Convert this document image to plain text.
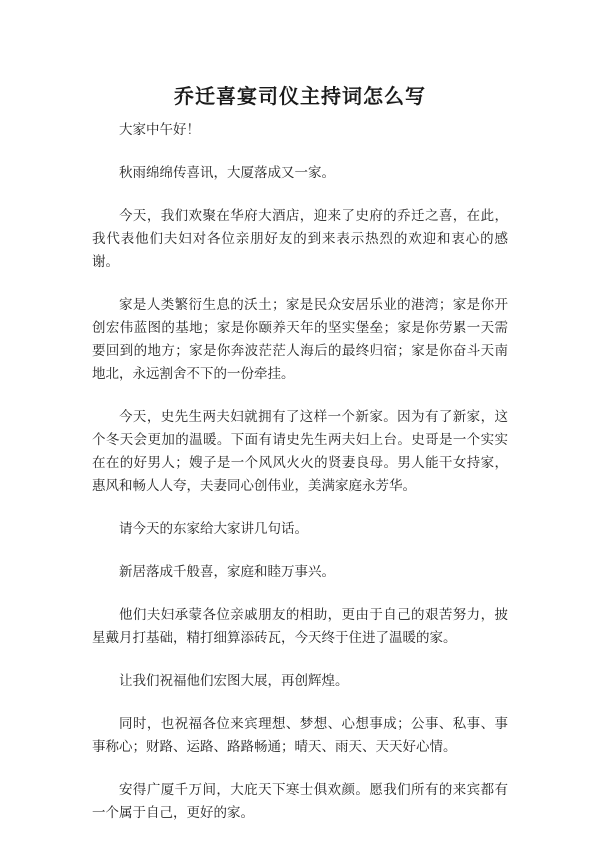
乔迁喜宴司仪主持词怎么写

大家中午好！

秋雨绵绵传喜讯，大厦落成又一家。

今天，我们欢聚在华府大酒店，迎来了史府的乔迁之喜，在此，我代表他们夫妇对各位亲朋好友的到来表示热烈的欢迎和衷心的感谢。

家是人类繁衍生息的沃土；家是民众安居乐业的港湾；家是你开创宏伟蓝图的基地；家是你颐养天年的坚实堡垒；家是你劳累一天需要回到的地方；家是你奔波茫茫人海后的最终归宿；家是你奋斗天南地北，永远割舍不下的一份牵挂。

今天，史先生两夫妇就拥有了这样一个新家。因为有了新家，这个冬天会更加的温暖。下面有请史先生两夫妇上台。史哥是一个实实在在的好男人；嫂子是一个风风火火的贤妻良母。男人能干女持家，惠风和畅人人夸，夫妻同心创伟业，美满家庭永芳华。

请今天的东家给大家讲几句话。

新居落成千般喜，家庭和睦万事兴。

他们夫妇承蒙各位亲戚朋友的相助，更由于自己的艰苦努力，披星戴月打基础，精打细算添砖瓦，今天终于住进了温暖的家。

让我们祝福他们宏图大展，再创辉煌。

同时，也祝福各位来宾理想、梦想、心想事成；公事、私事、事事称心；财路、运路、路路畅通；晴天、雨天、天天好心情。

安得广厦千万间，大庇天下寒士俱欢颜。愿我们所有的来宾都有一个属于自己，更好的家。
